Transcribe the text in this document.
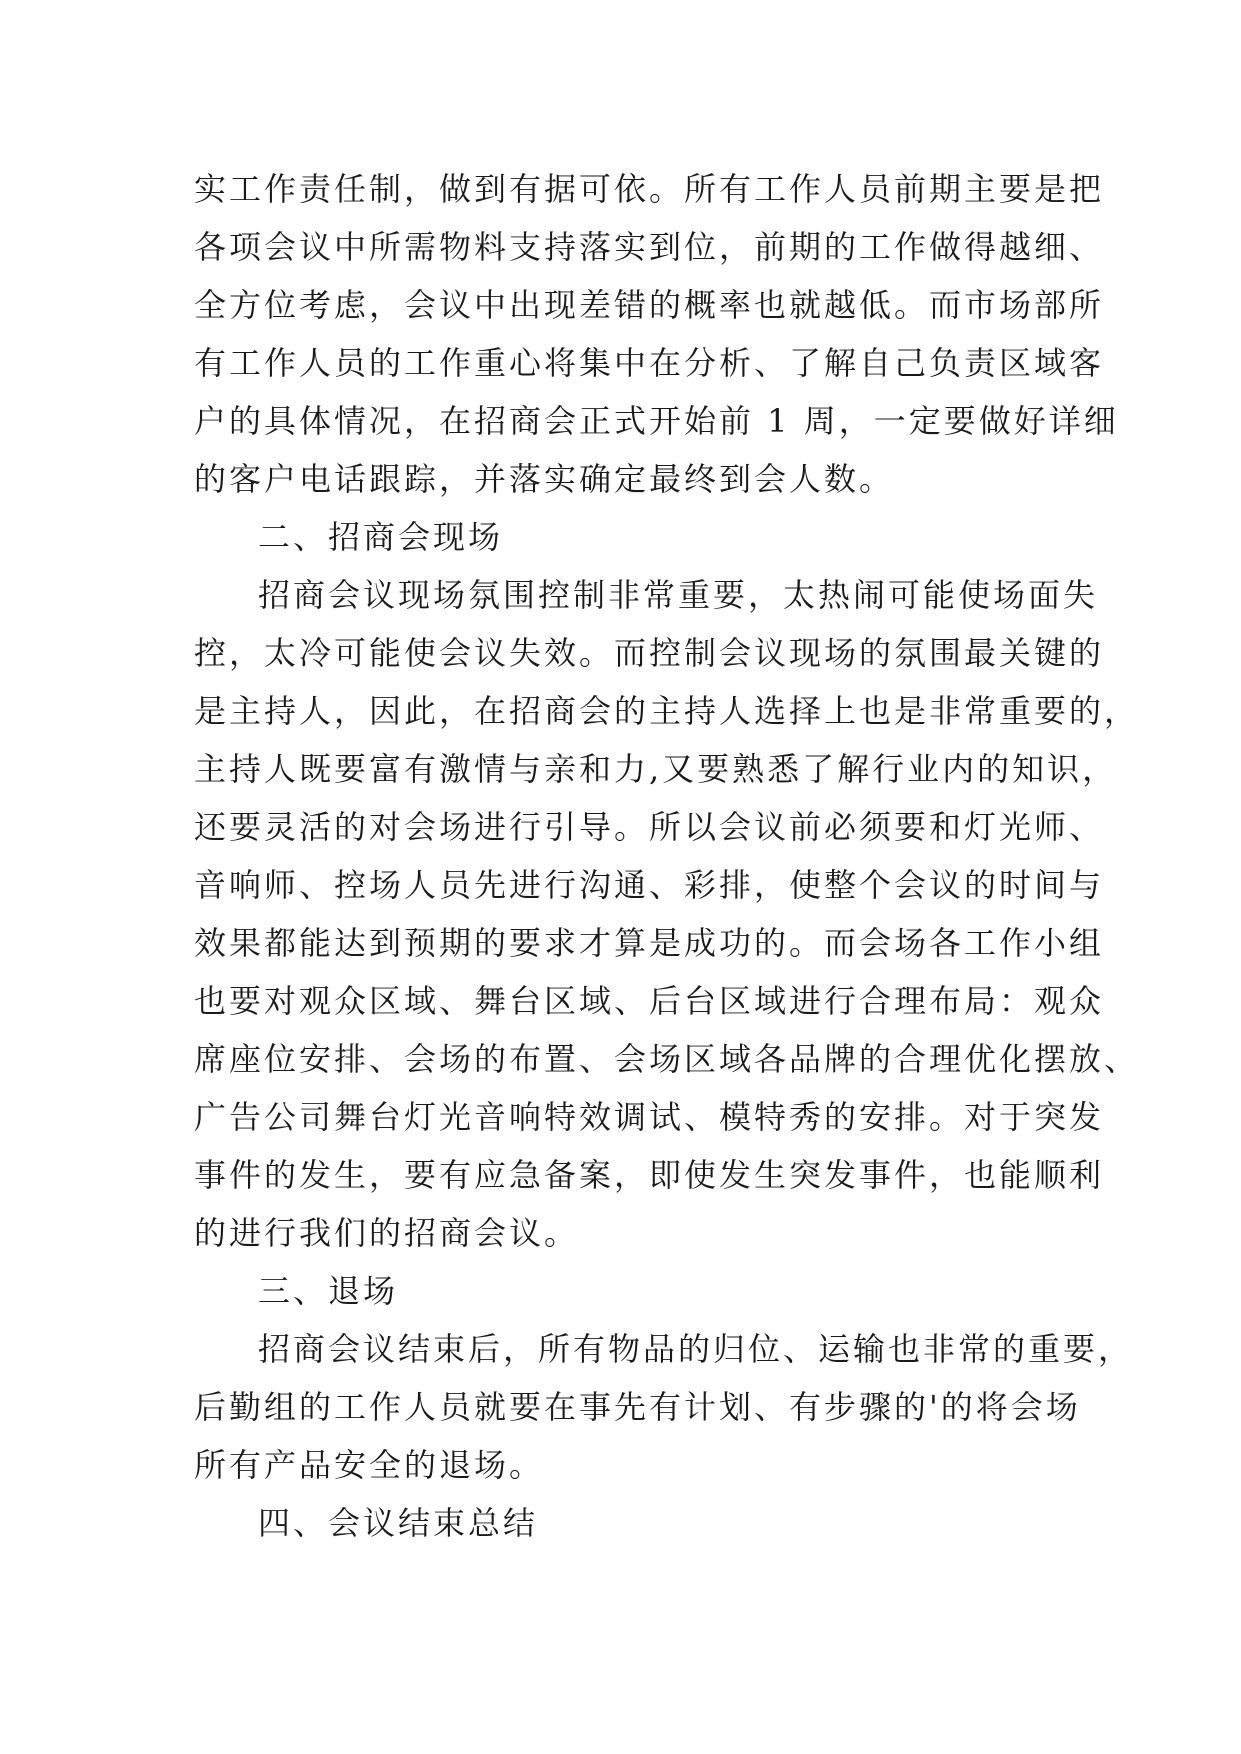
实工作责任制，做到有据可依。所有工作人员前期主要是把
各项会议中所需物料支持落实到位，前期的工作做得越细、
全方位考虑，会议中出现差错的概率也就越低。而市场部所
有工作人员的工作重心将集中在分析、了解自己负责区域客
户的具体情况，在招商会正式开始前 1 周，一定要做好详细
的客户电话跟踪，并落实确定最终到会人数。
二、招商会现场
招商会议现场氛围控制非常重要，太热闹可能使场面失
控，太冷可能使会议失效。而控制会议现场的氛围最关键的
是主持人，因此，在招商会的主持人选择上也是非常重要的，
主持人既要富有激情与亲和力,又要熟悉了解行业内的知识，
还要灵活的对会场进行引导。所以会议前必须要和灯光师、
音响师、控场人员先进行沟通、彩排，使整个会议的时间与
效果都能达到预期的要求才算是成功的。而会场各工作小组
也要对观众区域、舞台区域、后台区域进行合理布局：观众
席座位安排、会场的布置、会场区域各品牌的合理优化摆放、
广告公司舞台灯光音响特效调试、模特秀的安排。对于突发
事件的发生，要有应急备案，即使发生突发事件，也能顺利
的进行我们的招商会议。
三、退场
招商会议结束后，所有物品的归位、运输也非常的重要，
后勤组的工作人员就要在事先有计划、有步骤的'的将会场
所有产品安全的退场。
四、会议结束总结
